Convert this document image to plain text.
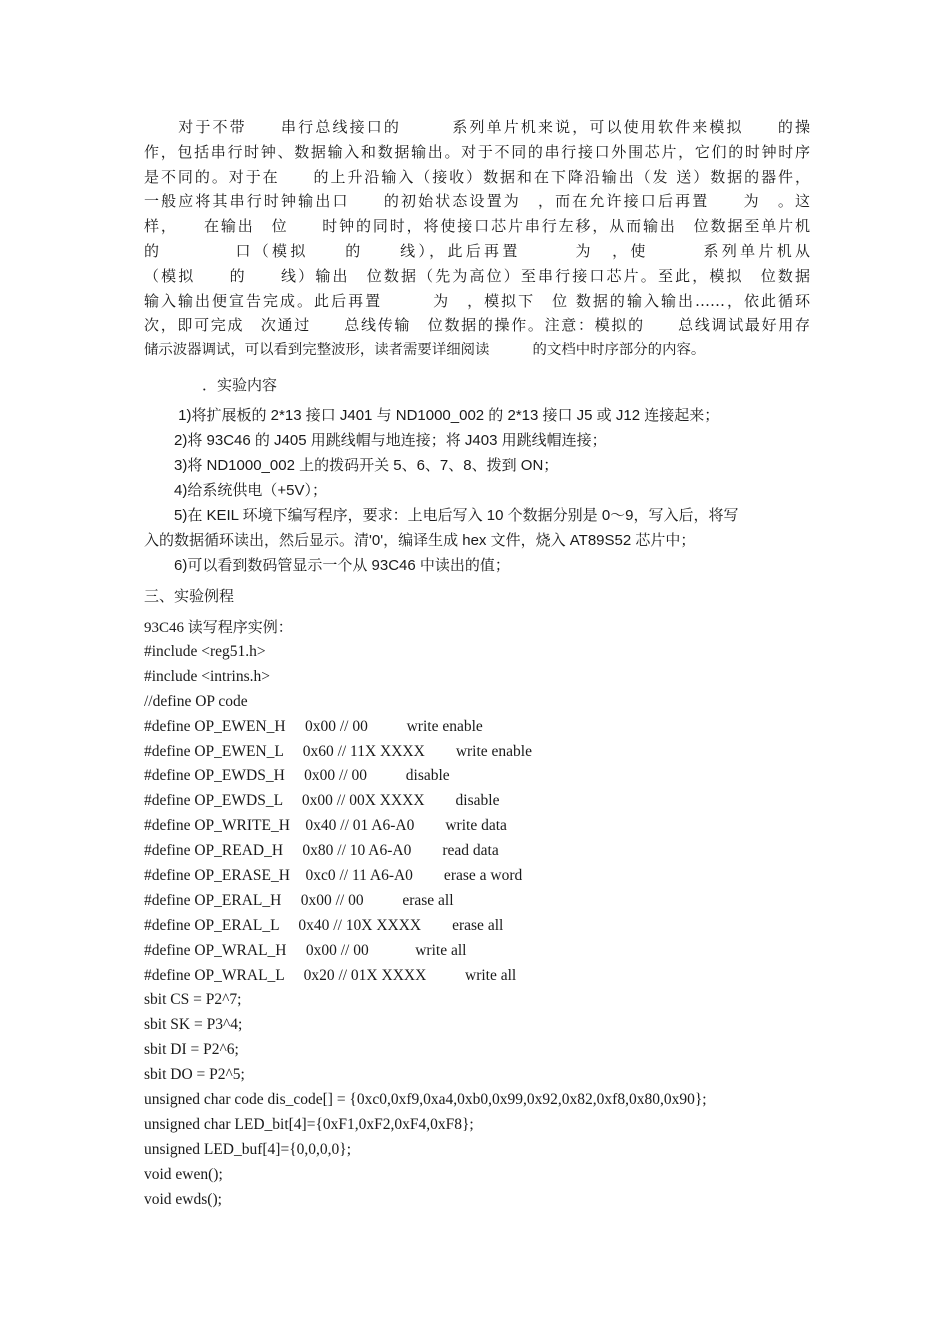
　　对于不带　　串行总线接口的　　　系列单片机来说，可以使用软件来模拟　　的操
作，包括串行时钟、数据输入和数据输出。对于不同的串行接口外围芯片，它们的时钟时序
是不同的。对于在　　的上升沿输入（接收）数据和在下降沿输出（发 送）数据的器件，
一般应将其串行时钟输出口　　的初始状态设置为　，而在允许接口后再置　　为　。这
样，　　在输出　位　　时钟的同时，将使接口芯片串行左移，从而输出　位数据至单片机
的　　　　口（模拟　　的　　线），此后再置　　　为　，使　　　系列单片机从
（模拟　　的　　线）输出　位数据（先为高位）至串行接口芯片。至此，模拟　位数据
输入输出便宣告完成。此后再置　　　为　，模拟下　位 数据的输入输出……，依此循环
次，即可完成　次通过　　总线传输　位数据的操作。注意：模拟的　　总线调试最好用存
储示波器调试，可以看到完整波形，读者需要详细阅读　　　的文档中时序部分的内容。
．实验内容
1)将扩展板的 2*13 接口 J401 与 ND1000_002 的 2*13 接口 J5 或 J12 连接起来；
2)将 93C46 的 J405 用跳线帽与地连接；将 J403 用跳线帽连接；
3)将 ND1000_002 上的拨码开关 5、6、7、8、拨到 ON；
4)给系统供电（+5V）；
5)在 KEIL 环境下编写程序，要求：上电后写入 10 个数据分别是 0～9，写入后，将写
入的数据循环读出，然后显示。清'0'，编译生成 hex 文件，烧入 AT89S52 芯片中；
6)可以看到数码管显示一个从 93C46 中读出的值；
三、实验例程
93C46 读写程序实例：
#include <reg51.h>
#include <intrins.h>
//define OP code
#define OP_EWEN_H     0x00 // 00          write enable
#define OP_EWEN_L     0x60 // 11X XXXX        write enable
#define OP_EWDS_H     0x00 // 00          disable
#define OP_EWDS_L     0x00 // 00X XXXX        disable
#define OP_WRITE_H    0x40 // 01 A6-A0        write data
#define OP_READ_H     0x80 // 10 A6-A0        read data
#define OP_ERASE_H    0xc0 // 11 A6-A0        erase a word
#define OP_ERAL_H     0x00 // 00          erase all
#define OP_ERAL_L     0x40 // 10X XXXX        erase all
#define OP_WRAL_H     0x00 // 00            write all
#define OP_WRAL_L     0x20 // 01X XXXX          write all
sbit CS = P2^7;
sbit SK = P3^4;
sbit DI = P2^6;
sbit DO = P2^5;
unsigned char code dis_code[] = {0xc0,0xf9,0xa4,0xb0,0x99,0x92,0x82,0xf8,0x80,0x90};
unsigned char LED_bit[4]={0xF1,0xF2,0xF4,0xF8};
unsigned LED_buf[4]={0,0,0,0};
void ewen();
void ewds();
